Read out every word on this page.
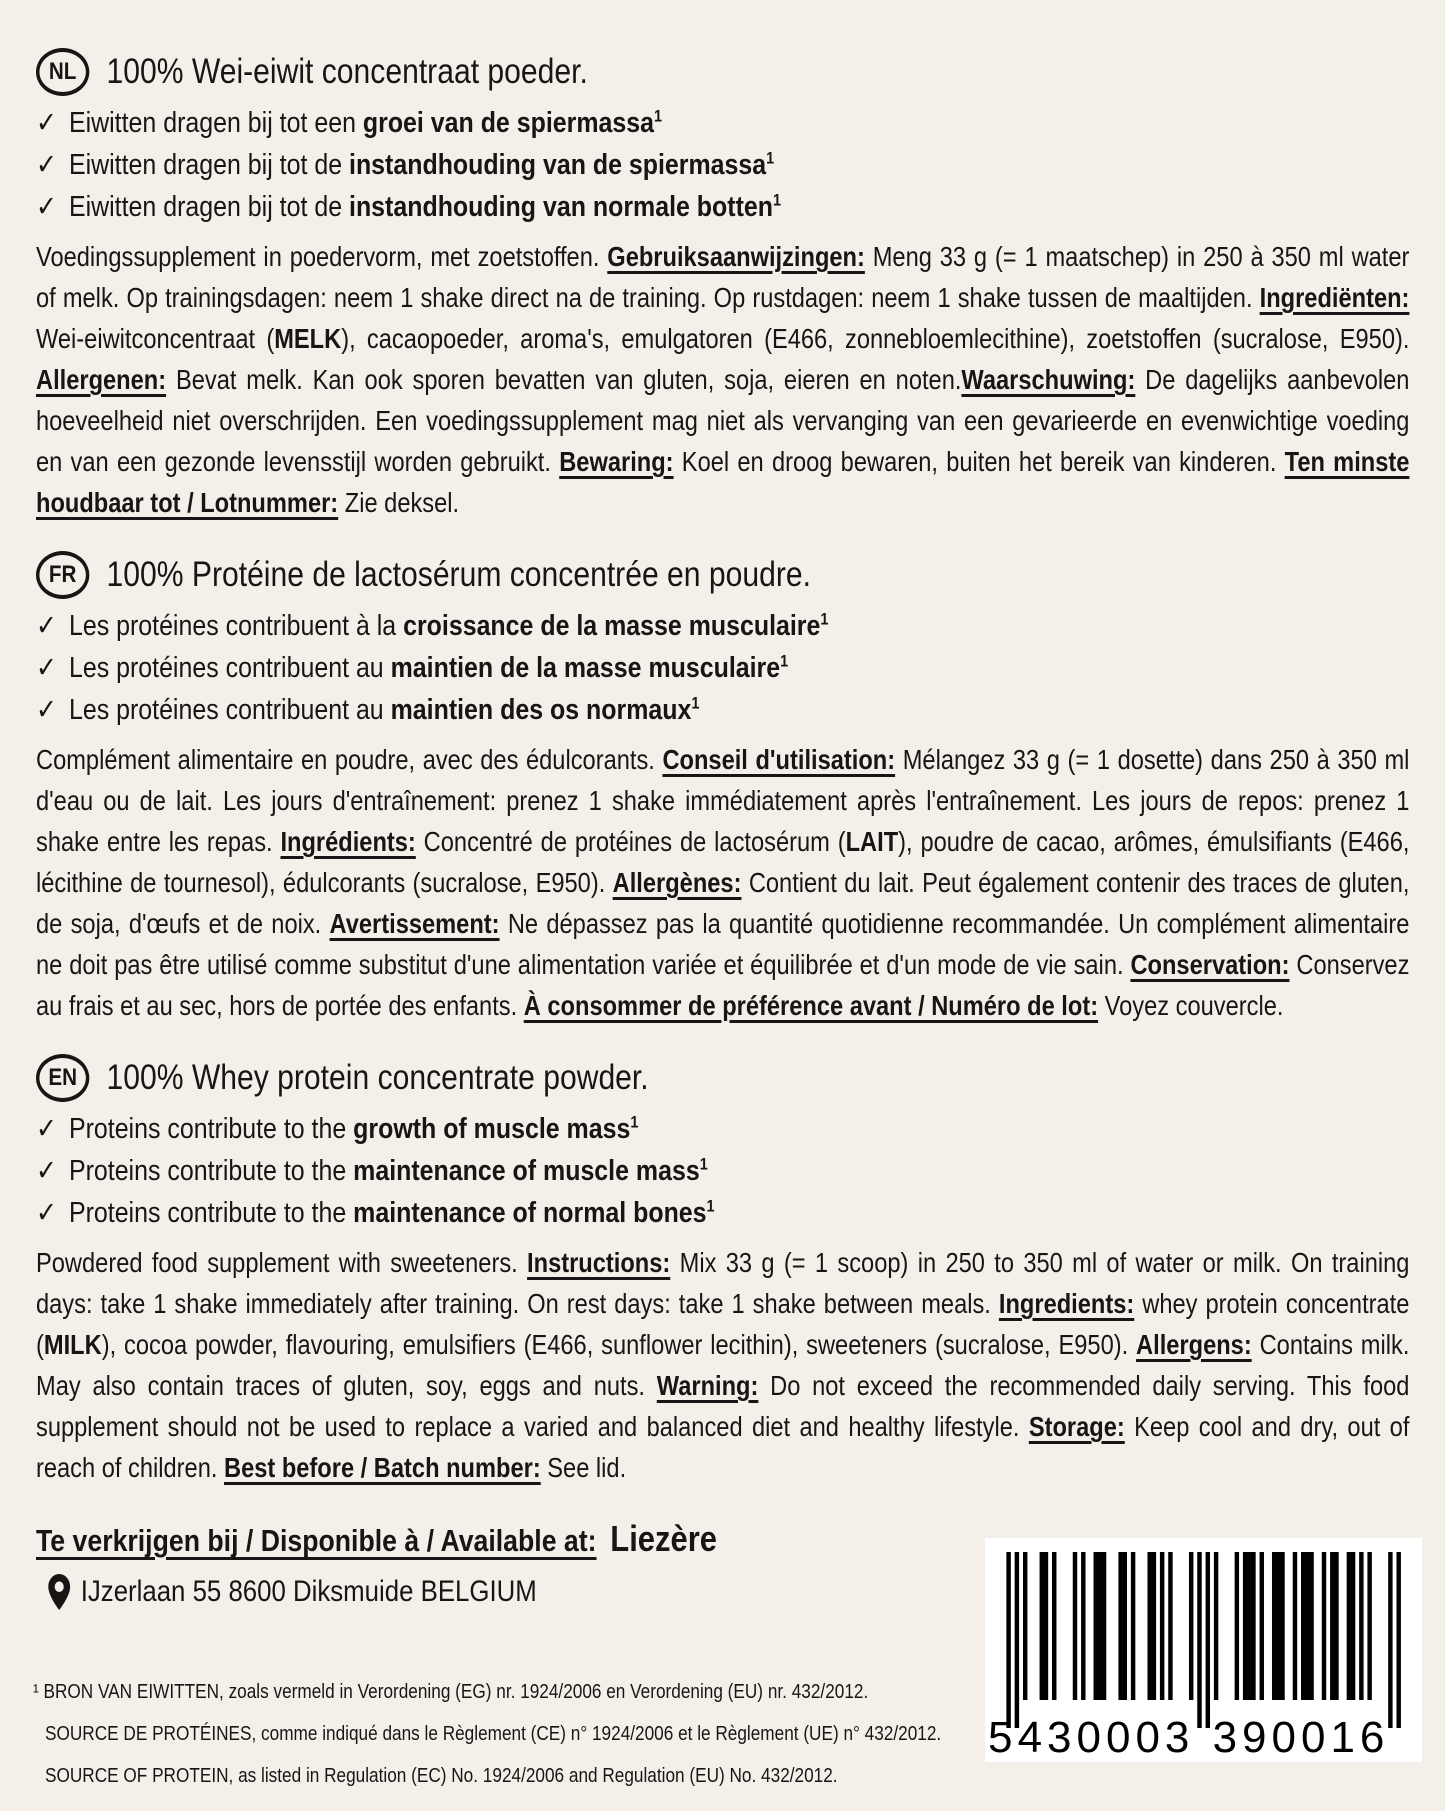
NL 100% Wei-eiwit concentraat poeder.
✓ Eiwitten dragen bij tot een groei van de spiermassa$^1$
✓ Eiwitten dragen bij tot de instandhouding van de spiermassa$^1$
✓ Eiwitten dragen bij tot de instandhouding van normale botten$^1$

Voedingssupplement in poedervorm, met zoetstoffen. Gebruiksaanwijzingen: Meng 33 g (= 1 maatschep) in 250 à 350 ml water of melk. Op trainingsdagen: neem 1 shake direct na de training. Op rustdagen: neem 1 shake tussen de maaltijden. Ingrediënten: Wei-eiwitconcentraat (MELK), cacaopoeder, aroma's, emulgatoren (E466, zonnebloemlecithine), zoetstoffen (sucralose, E950). Allergenen: Bevat melk. Kan ook sporen bevatten van gluten, soja, eieren en noten.Waarschuwing: De dagelijks aanbevolen hoeveelheid niet overschrijden. Een voedingssupplement mag niet als vervanging van een gevarieerde en evenwichtige voeding en van een gezonde levensstijl worden gebruikt. Bewaring: Koel en droog bewaren, buiten het bereik van kinderen. Ten minste houdbaar tot / Lotnummer: Zie deksel.

FR 100% Protéine de lactosérum concentrée en poudre.
✓ Les protéines contribuent à la croissance de la masse musculaire$^1$
✓ Les protéines contribuent au maintien de la masse musculaire$^1$
✓ Les protéines contribuent au maintien des os normaux$^1$

Complément alimentaire en poudre, avec des édulcorants. Conseil d'utilisation: Mélangez 33 g (= 1 dosette) dans 250 à 350 ml d'eau ou de lait. Les jours d'entraînement: prenez 1 shake immédiatement après l'entraînement. Les jours de repos: prenez 1 shake entre les repas. Ingrédients: Concentré de protéines de lactosérum (LAIT), poudre de cacao, arômes, émulsifiants (E466, lécithine de tournesol), édulcorants (sucralose, E950). Allergènes: Contient du lait. Peut également contenir des traces de gluten, de soja, d'œufs et de noix. Avertissement: Ne dépassez pas la quantité quotidienne recommandée. Un complément alimentaire ne doit pas être utilisé comme substitut d'une alimentation variée et équilibrée et d'un mode de vie sain. Conservation: Conservez au frais et au sec, hors de portée des enfants. À consommer de préférence avant / Numéro de lot: Voyez couvercle.

EN 100% Whey protein concentrate powder.
✓ Proteins contribute to the growth of muscle mass$^1$
✓ Proteins contribute to the maintenance of muscle mass$^1$
✓ Proteins contribute to the maintenance of normal bones$^1$

Powdered food supplement with sweeteners. Instructions: Mix 33 g (= 1 scoop) in 250 to 350 ml of water or milk. On training days: take 1 shake immediately after training. On rest days: take 1 shake between meals. Ingredients: whey protein concentrate (MILK), cocoa powder, flavouring, emulsifiers (E466, sunflower lecithin), sweeteners (sucralose, E950). Allergens: Contains milk. May also contain traces of gluten, soy, eggs and nuts. Warning: Do not exceed the recommended daily serving. This food supplement should not be used to replace a varied and balanced diet and healthy lifestyle. Storage: Keep cool and dry, out of reach of children. Best before / Batch number: See lid.

Te verkrijgen bij / Disponible à / Available at: Liezère
IJzerlaan 55 8600 Diksmuide BELGIUM
5 430003 390016
¹ BRON VAN EIWITTEN, zoals vermeld in Verordening (EG) nr. 1924/2006 en Verordening (EU) nr. 432/2012.
SOURCE DE PROTÉINES, comme indiqué dans le Règlement (CE) n° 1924/2006 et le Règlement (UE) n° 432/2012.
SOURCE OF PROTEIN, as listed in Regulation (EC) No. 1924/2006 and Regulation (EU) No. 432/2012.
